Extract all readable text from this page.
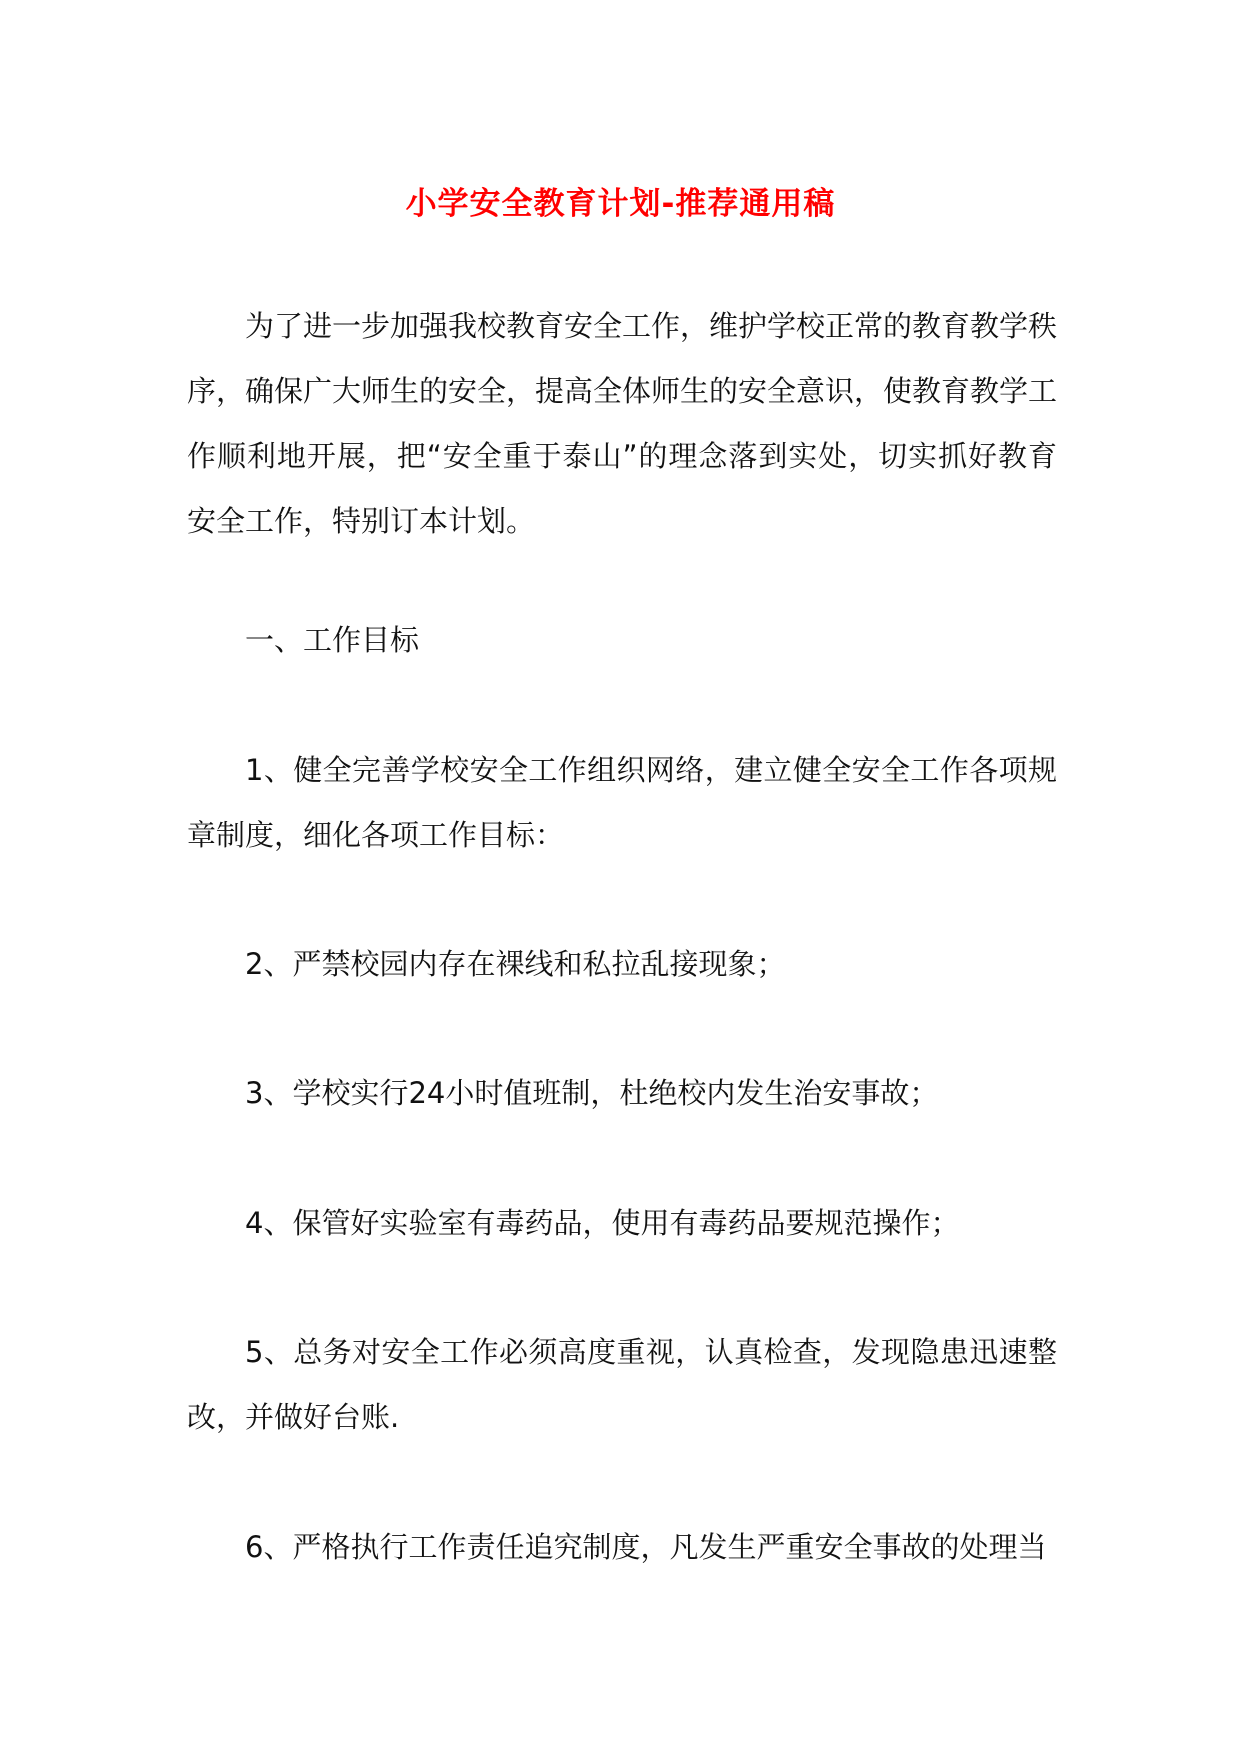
小学安全教育计划-推荐通用稿

为了进一步加强我校教育安全工作，维护学校正常的教育教学秩序，确保广大师生的安全，提高全体师生的安全意识，使教育教学工作顺利地开展，把“安全重于泰山”的理念落到实处，切实抓好教育安全工作，特别订本计划。

一、工作目标

1、健全完善学校安全工作组织网络，建立健全安全工作各项规章制度，细化各项工作目标：

2、严禁校园内存在裸线和私拉乱接现象；

3、学校实行24小时值班制，杜绝校内发生治安事故；

4、保管好实验室有毒药品，使用有毒药品要规范操作；

5、总务对安全工作必须高度重视，认真检查，发现隐患迅速整改，并做好台账.

6、严格执行工作责任追究制度，凡发生严重安全事故的处理当
